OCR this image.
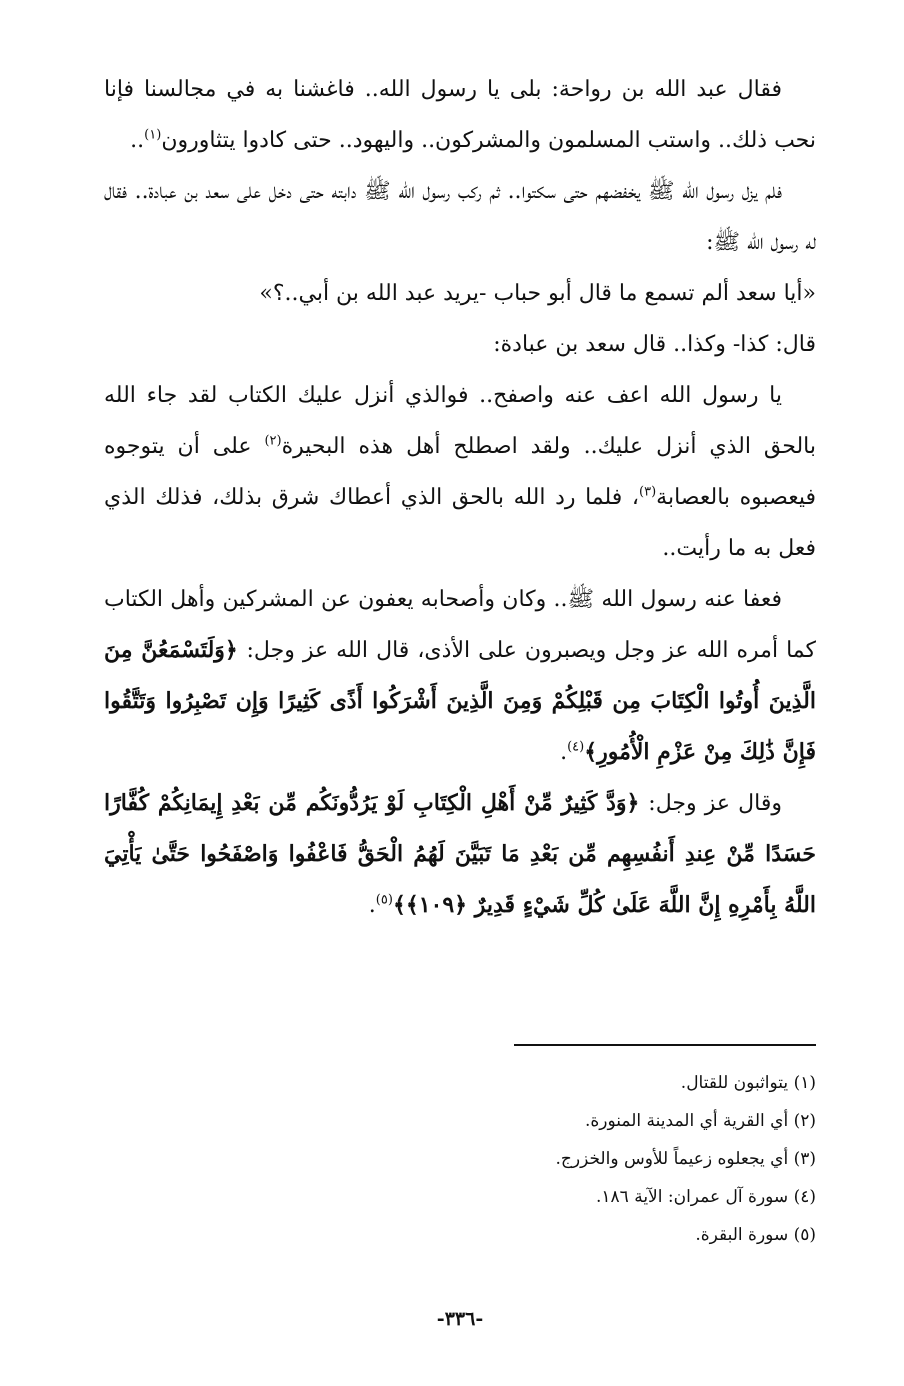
فقال عبد الله بن رواحة: بلى يا رسول الله.. فاغشنا به في مجالسنا فإنا نحب ذلك.. واستب المسلمون والمشركون.. واليهود.. حتى كادوا يتثاورون$^{(١)}$..

فلم يزل رسول الله ﷺ يخفضهم حتى سكتوا.. ثم ركب رسول الله ﷺ دابته حتى دخل على سعد بن عبادة.. فقال له رسول الله ﷺ:

«أيا سعد ألم تسمع ما قال أبو حباب -يريد عبد الله بن أبي..؟»

قال: كذا- وكذا.. قال سعد بن عبادة:

يا رسول الله اعف عنه واصفح.. فوالذي أنزل عليك الكتاب لقد جاء الله بالحق الذي أنزل عليك.. ولقد اصطلح أهل هذه البحيرة$^{(٢)}$ على أن يتوجوه فيعصبوه بالعصابة$^{(٣)}$، فلما رد الله بالحق الذي أعطاك شرق بذلك، فذلك الذي فعل به ما رأيت..

فعفا عنه رسول الله ﷺ.. وكان وأصحابه يعفون عن المشركين وأهل الكتاب كما أمره الله عز وجل ويصبرون على الأذى، قال الله عز وجل: ﴿وَلَتَسْمَعُنَّ مِنَ الَّذِينَ أُوتُوا الْكِتَابَ مِن قَبْلِكُمْ وَمِنَ الَّذِينَ أَشْرَكُوا أَذًى كَثِيرًا وَإِن تَصْبِرُوا وَتَتَّقُوا فَإِنَّ ذَٰلِكَ مِنْ عَزْمِ الْأُمُورِ﴾$^{(٤)}$.

وقال عز وجل: ﴿وَدَّ كَثِيرٌ مِّنْ أَهْلِ الْكِتَابِ لَوْ يَرُدُّونَكُم مِّن بَعْدِ إِيمَانِكُمْ كُفَّارًا حَسَدًا مِّنْ عِندِ أَنفُسِهِم مِّن بَعْدِ مَا تَبَيَّنَ لَهُمُ الْحَقُّ فَاعْفُوا وَاصْفَحُوا حَتَّىٰ يَأْتِيَ اللَّهُ بِأَمْرِهِ إِنَّ اللَّهَ عَلَىٰ كُلِّ شَيْءٍ قَدِيرٌ ﴿١٠٩﴾﴾$^{(٥)}$.

(١) يتواثبون للقتال.

(٢) أي القرية أي المدينة المنورة.

(٣) أي يجعلوه زعيماً للأوس والخزرج.

(٤) سورة آل عمران: الآية ١٨٦.

(٥) سورة البقرة.

-٣٣٦-
